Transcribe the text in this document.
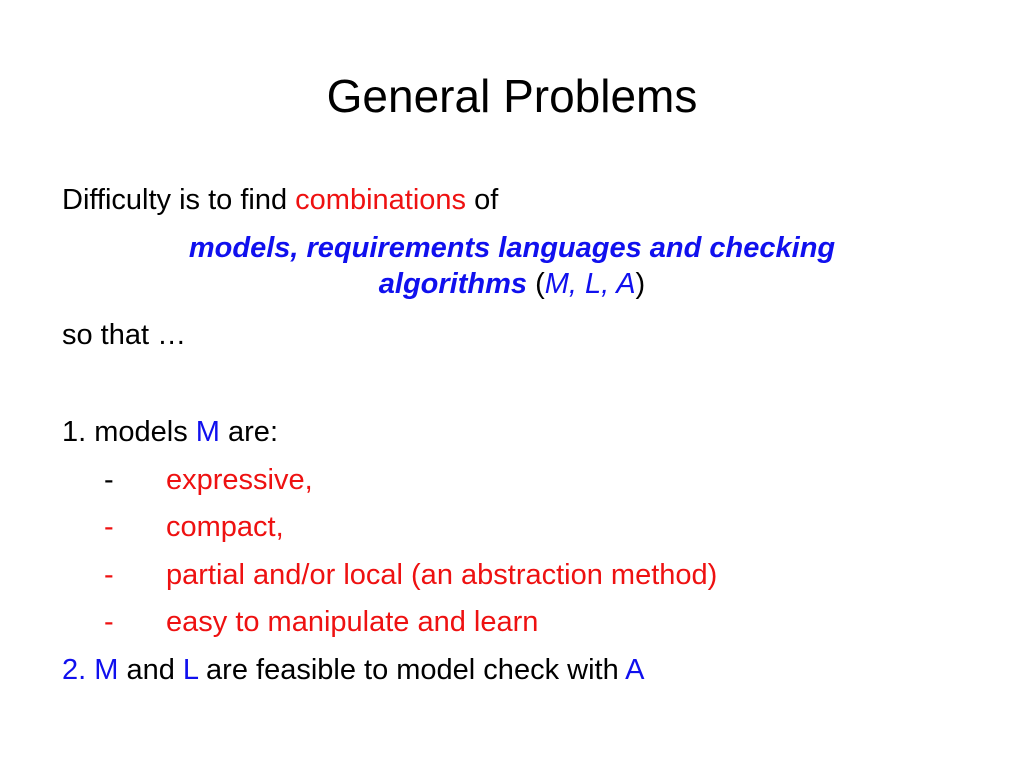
General Problems
Difficulty is to find combinations of
models, requirements languages and checking
algorithms (M, L, A)
so that …
1. models M are:
- expressive,
- compact,
- partial and/or local (an abstraction method)
- easy to manipulate and learn
2. M and L are feasible to model check with A
